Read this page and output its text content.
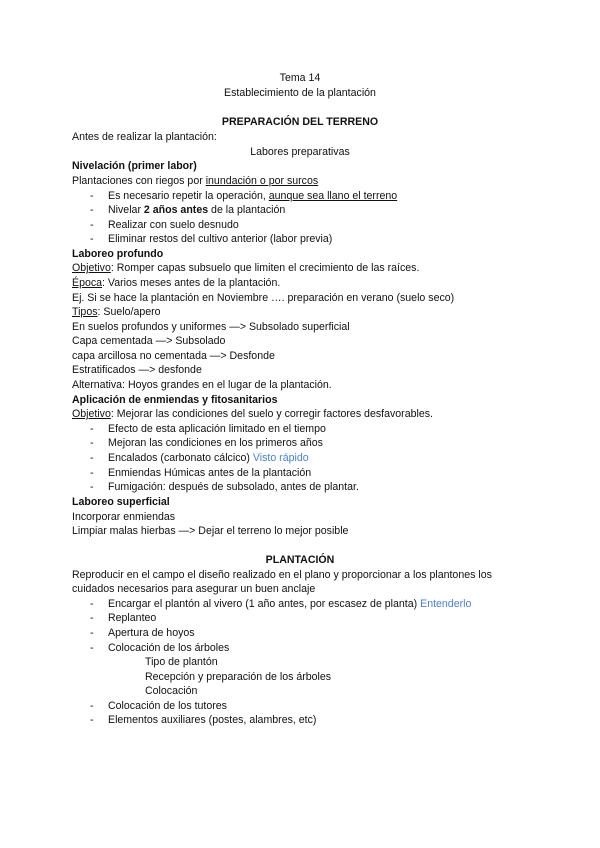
Tema 14
Establecimiento de la plantación
PREPARACIÓN DEL TERRENO
Antes de realizar la plantación:
Labores preparativas
Nivelación (primer labor)
Plantaciones con riegos por inundación o por surcos
- Es necesario repetir la operación, aunque sea llano el terreno
- Nivelar 2 años antes de la plantación
- Realizar con suelo desnudo
- Eliminar restos del cultivo anterior (labor previa)
Laboreo profundo
Objetivo: Romper capas subsuelo que limiten el crecimiento de las raíces.
Época: Varios meses antes de la plantación.
Ej. Si se hace la plantación en Noviembre …. preparación en verano (suelo seco)
Tipos: Suelo/apero
En suelos profundos y uniformes —> Subsolado superficial
Capa cementada —> Subsolado
capa arcillosa no cementada —> Desfonde
Estratificados —> desfonde
Alternativa: Hoyos grandes en el lugar de la plantación.
Aplicación de enmiendas y fitosanitarios
Objetivo: Mejorar las condiciones del suelo y corregir factores desfavorables.
- Efecto de esta aplicación limitado en el tiempo
- Mejoran las condiciones en los primeros años
- Encalados (carbonato cálcico) Visto rápido
- Enmiendas Húmicas antes de la plantación
- Fumigación: después de subsolado, antes de plantar.
Laboreo superficial
Incorporar enmiendas
Limpiar malas hierbas —> Dejar el terreno lo mejor posible
PLANTACIÓN
Reproducir en el campo el diseño realizado en el plano y proporcionar a los plantones los
cuidados necesarios para asegurar un buen anclaje
- Encargar el plantón al vivero (1 año antes, por escasez de planta) Entenderlo
- Replanteo
- Apertura de hoyos
- Colocación de los árboles
Tipo de plantón
Recepción y preparación de los árboles
Colocación
- Colocación de los tutores
- Elementos auxiliares (postes, alambres, etc)
